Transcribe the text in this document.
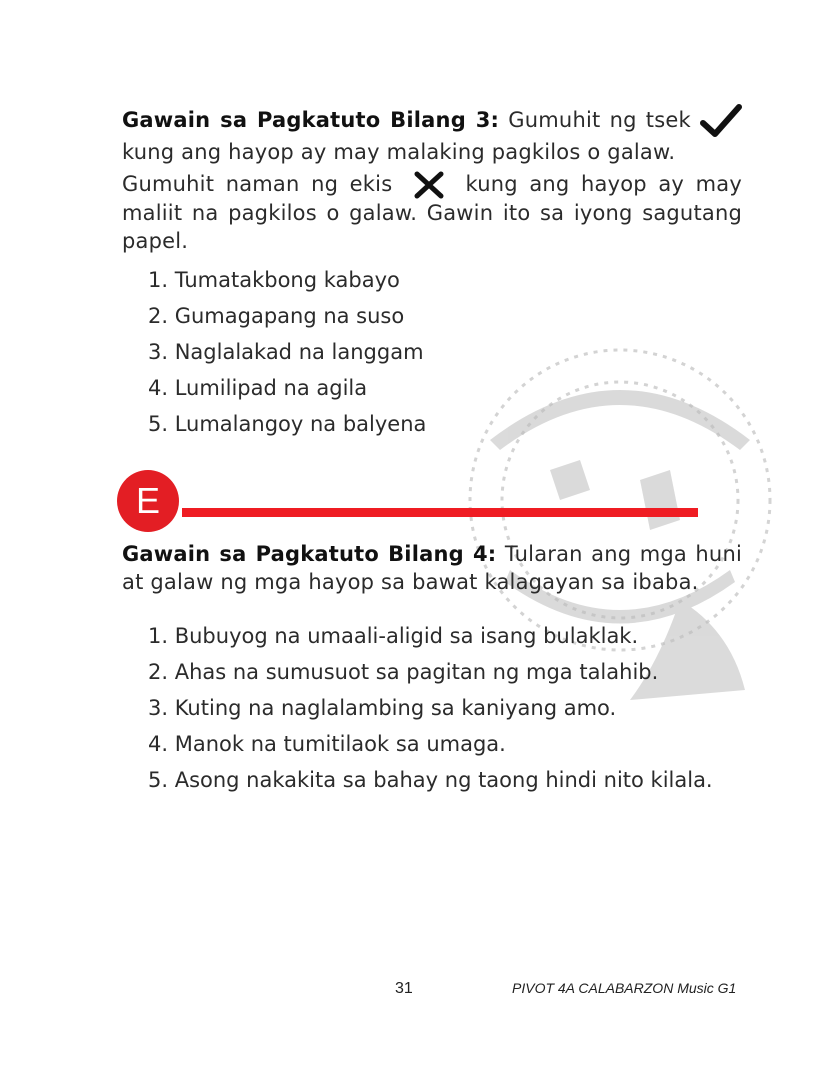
Gawain sa Pagkatuto Bilang 3: Gumuhit ng tsek  kung ang hayop ay may malaking pagkilos o galaw.
Gumuhit naman ng ekis	kung ang hayop ay may maliit na pagkilos o galaw. Gawin ito sa iyong sagutang papel.
1. Tumatakbong kabayo
2. Gumagapang na suso
3. Naglalakad na langgam
4. Lumilipad na agila
5. Lumalangoy na balyena
E
Gawain sa Pagkatuto Bilang 4: Tularan ang mga huni at galaw ng mga hayop sa bawat kalagayan sa ibaba.
1. Bubuyog na umaali-aligid sa isang bulaklak.
2. Ahas na sumusuot sa pagitan ng mga talahib.
3. Kuting na naglalambing sa kaniyang amo.
4. Manok na tumitilaok sa umaga.
5. Asong nakakita sa bahay ng taong hindi nito kilala.
31	PIVOT 4A CALABARZON Music G1
